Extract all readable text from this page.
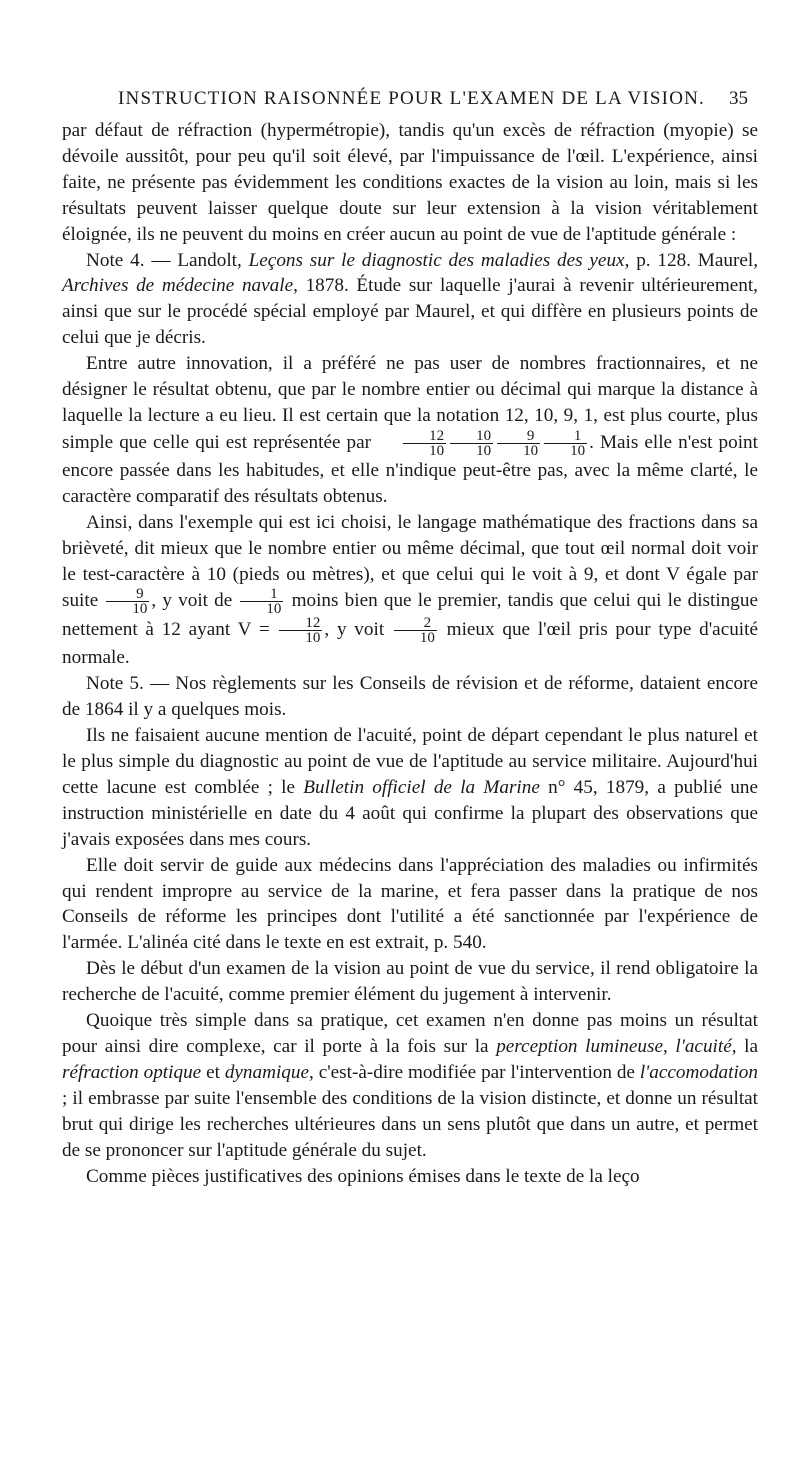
INSTRUCTION RAISONNÉE POUR L'EXAMEN DE LA VISION. 35

par défaut de réfraction (hypermétropie), tandis qu'un excès de réfraction (myopie) se dévoile aussitôt, pour peu qu'il soit élevé, par l'impuissance de l'œil. L'expérience, ainsi faite, ne présente pas évidemment les conditions exactes de la vision au loin, mais si les résultats peuvent laisser quelque doute sur leur extension à la vision véritablement éloignée, ils ne peuvent du moins en créer aucun au point de vue de l'aptitude générale :

Note 4. — Landolt, Leçons sur le diagnostic des maladies des yeux, p. 128. Maurel, Archives de médecine navale, 1878. Étude sur laquelle j'aurai à revenir ultérieurement, ainsi que sur le procédé spécial employé par Maurel, et qui diffère en plusieurs points de celui que je décris.

Entre autre innovation, il a préféré ne pas user de nombres fractionnaires, et ne désigner le résultat obtenu, que par le nombre entier ou décimal qui marque la distance à laquelle la lecture a eu lieu. Il est certain que la notation 12, 10, 9, 1, est plus courte, plus simple que celle qui est représentée par $\frac{12}{10} \frac{10}{10} \frac{9}{10} \frac{1}{10}$ . Mais elle n'est point encore passée dans les habitudes, et elle n'indique peut-être pas, avec la même clarté, le caractère comparatif des résultats obtenus.

Ainsi, dans l'exemple qui est ici choisi, le langage mathématique des fractions dans sa brièveté, dit mieux que le nombre entier ou même décimal, que tout œil normal doit voir le test-caractère à 10 (pieds ou mètres), et que celui qui le voit à 9, et dont V égale par suite $\frac{9}{10}$ , y voit de $\frac{1}{10}$ moins bien que le premier, tandis que celui qui le distingue nettement à 12 ayant $V = \frac{12}{10}$ , y voit $\frac{2}{10}$ mieux que l'œil pris pour type d'acuité normale.

Note 5. — Nos règlements sur les Conseils de révision et de réforme, dataient encore de 1864 il y a quelques mois.

Ils ne faisaient aucune mention de l'acuité, point de départ cependant le plus naturel et le plus simple du diagnostic au point de vue de l'aptitude au service militaire. Aujourd'hui cette lacune est comblée ; le Bulletin officiel de la Marine n° 45, 1879, a publié une instruction ministérielle en date du 4 août qui confirme la plupart des observations que j'avais exposées dans mes cours.

Elle doit servir de guide aux médecins dans l'appréciation des maladies ou infirmités qui rendent impropre au service de la marine, et fera passer dans la pratique de nos Conseils de réforme les principes dont l'utilité a été sanctionnée par l'expérience de l'armée. L'alinéa cité dans le texte en est extrait, p. 540.

Dès le début d'un examen de la vision au point de vue du service, il rend obligatoire la recherche de l'acuité, comme premier élément du jugement à intervenir.

Quoique très simple dans sa pratique, cet examen n'en donne pas moins un résultat pour ainsi dire complexe, car il porte à la fois sur la perception lumineuse, l'acuité, la réfraction optique et dynamique, c'est-à-dire modifiée par l'intervention de l'accomodation ; il embrasse par suite l'ensemble des conditions de la vision distincte, et donne un résultat brut qui dirige les recherches ultérieures dans un sens plutôt que dans un autre, et permet de se prononcer sur l'aptitude générale du sujet.

Comme pièces justificatives des opinions émises dans le texte de la leço
